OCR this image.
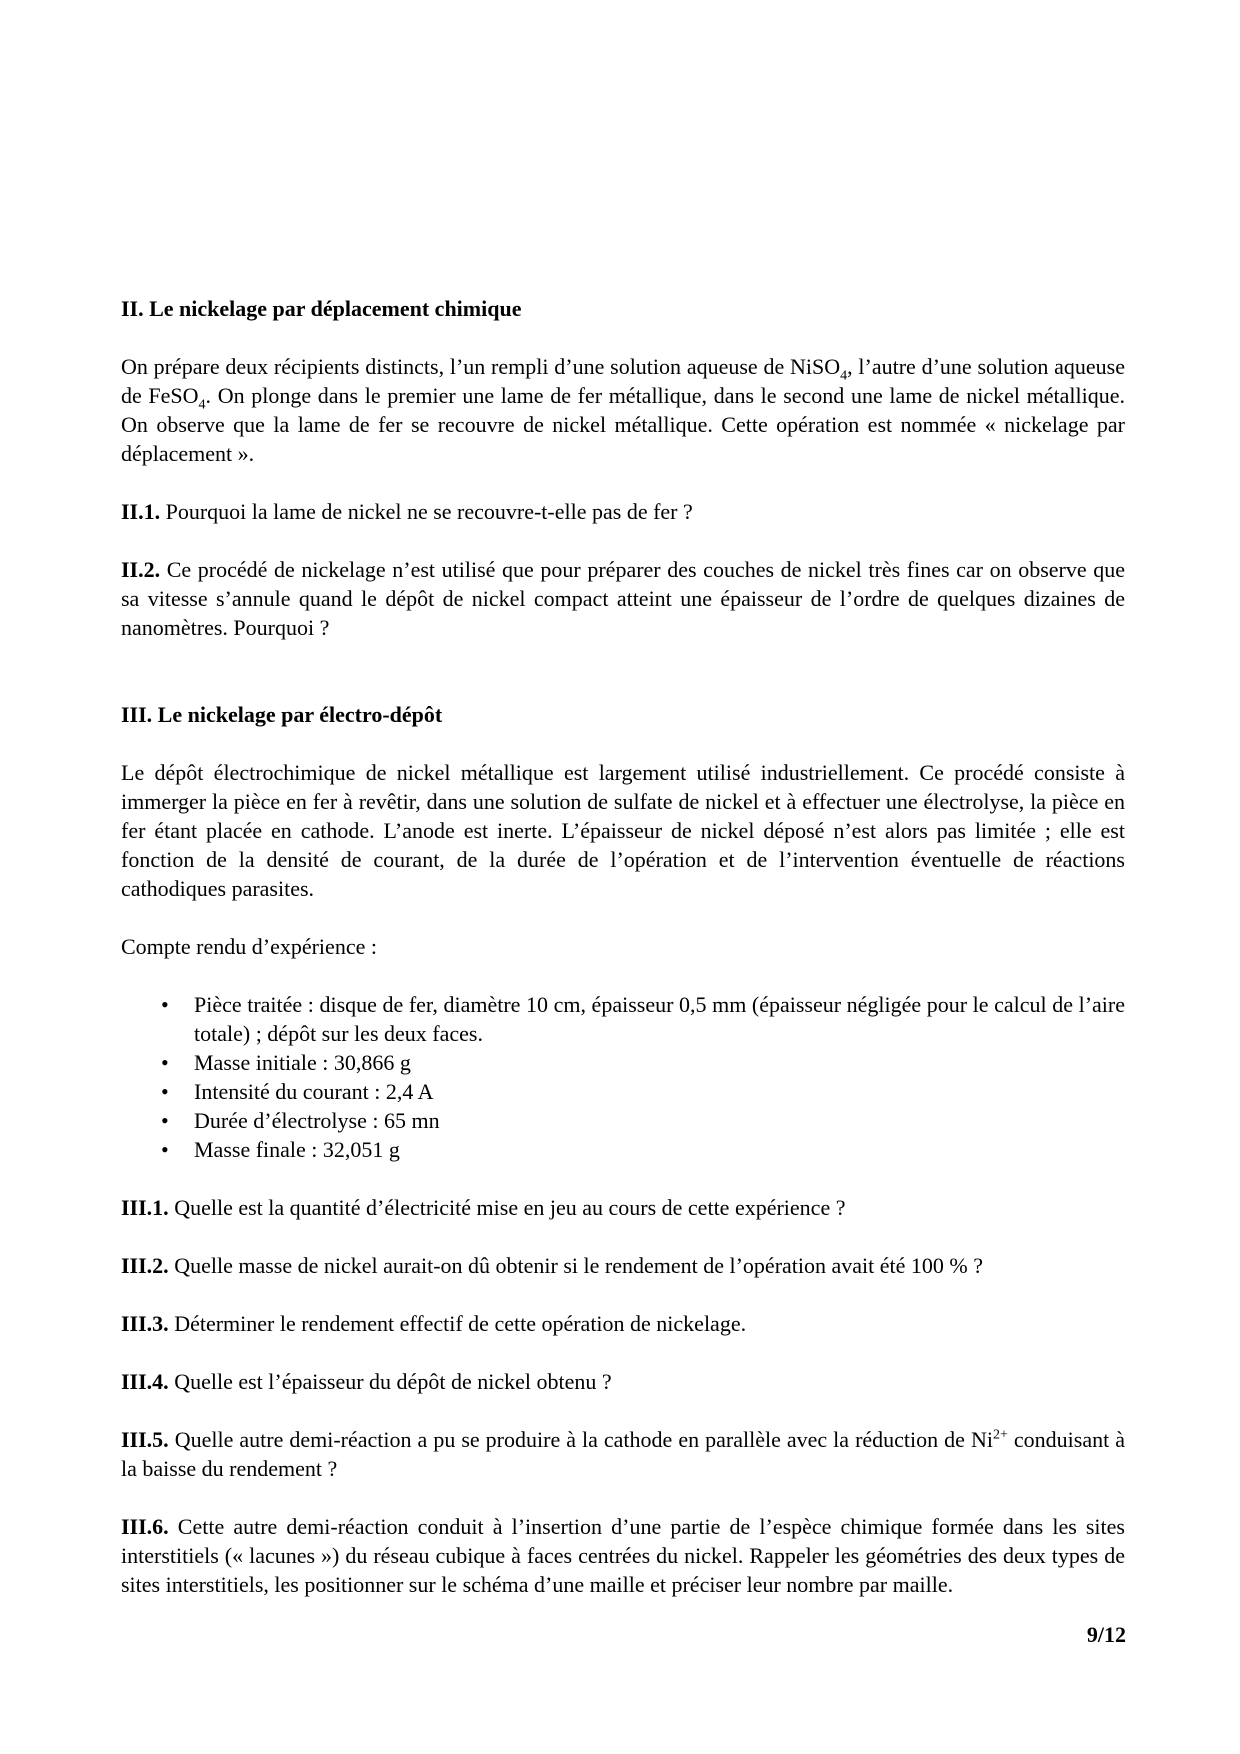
II. Le nickelage par déplacement chimique

On prépare deux récipients distincts, l’un rempli d’une solution aqueuse de NiSO$_4$, l’autre d’une solution aqueuse de FeSO$_4$. On plonge dans le premier une lame de fer métallique, dans le second une lame de nickel métallique. On observe que la lame de fer se recouvre de nickel métallique. Cette opération est nommée « nickelage par déplacement ».

II.1. Pourquoi la lame de nickel ne se recouvre-t-elle pas de fer ?

II.2. Ce procédé de nickelage n’est utilisé que pour préparer des couches de nickel très fines car on observe que sa vitesse s’annule quand le dépôt de nickel compact atteint une épaisseur de l’ordre de quelques dizaines de nanomètres. Pourquoi ?

III. Le nickelage par électro-dépôt

Le dépôt électrochimique de nickel métallique est largement utilisé industriellement. Ce procédé consiste à immerger la pièce en fer à revêtir, dans une solution de sulfate de nickel et à effectuer une électrolyse, la pièce en fer étant placée en cathode. L’anode est inerte. L’épaisseur de nickel déposé n’est alors pas limitée ; elle est fonction de la densité de courant, de la durée de l’opération et de l’intervention éventuelle de réactions cathodiques parasites.

Compte rendu d’expérience :

• Pièce traitée : disque de fer, diamètre 10 cm, épaisseur 0,5 mm (épaisseur négligée pour le calcul de l’aire totale) ; dépôt sur les deux faces.
• Masse initiale : 30,866 g
• Intensité du courant : 2,4 A
• Durée d’électrolyse : 65 mn
• Masse finale : 32,051 g

III.1. Quelle est la quantité d’électricité mise en jeu au cours de cette expérience ?

III.2. Quelle masse de nickel aurait-on dû obtenir si le rendement de l’opération avait été 100 % ?

III.3. Déterminer le rendement effectif de cette opération de nickelage.

III.4. Quelle est l’épaisseur du dépôt de nickel obtenu ?

III.5. Quelle autre demi-réaction a pu se produire à la cathode en parallèle avec la réduction de $Ni^{2+}$ conduisant à la baisse du rendement ?

III.6. Cette autre demi-réaction conduit à l’insertion d’une partie de l’espèce chimique formée dans les sites interstitiels (« lacunes ») du réseau cubique à faces centrées du nickel. Rappeler les géométries des deux types de sites interstitiels, les positionner sur le schéma d’une maille et préciser leur nombre par maille.

9/12
